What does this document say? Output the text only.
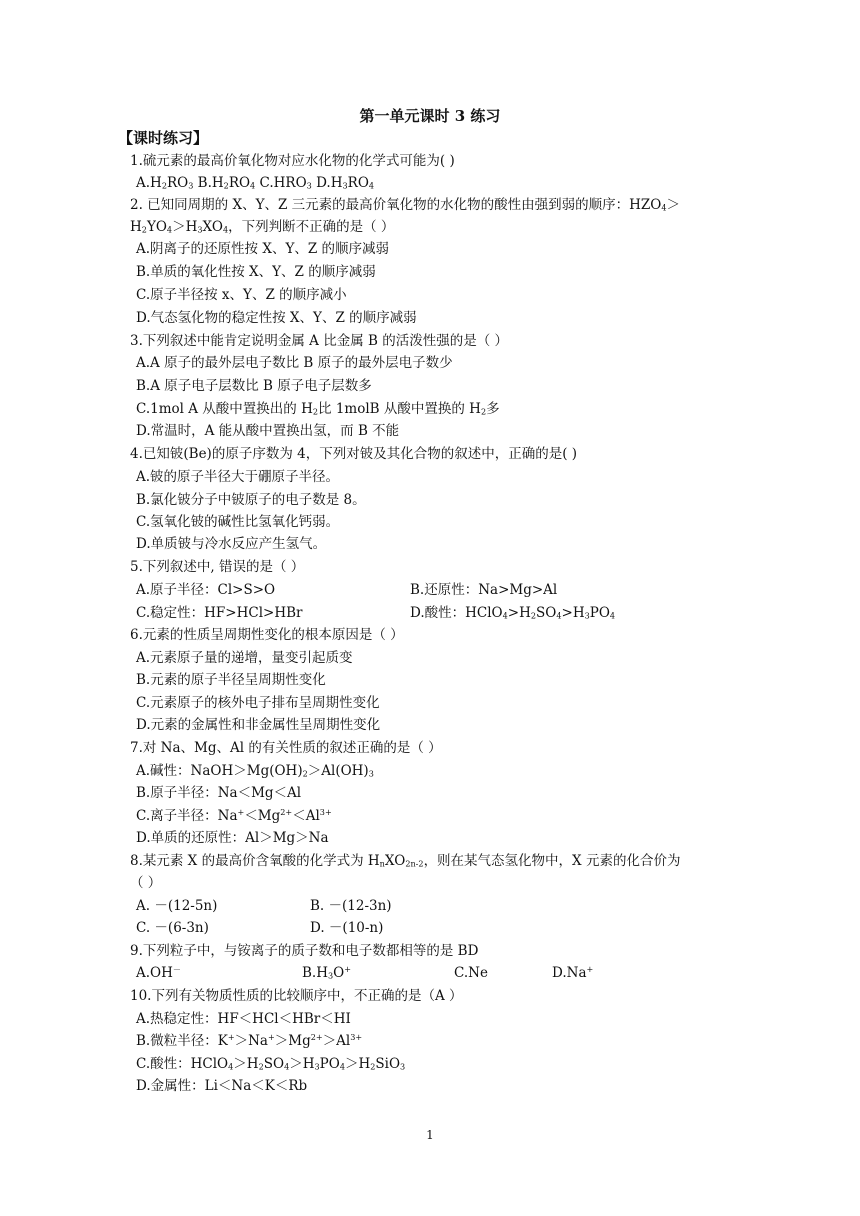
第一单元课时 3 练习
【课时练习】
1.硫元素的最高价氧化物对应水化物的化学式可能为( )
$A.H_2RO_3$ $B.H_2RO_4$ $C.HRO_3$ $D.H_3RO_4$
2. 已知同周期的 X、Y、Z 三元素的最高价氧化物的水化物的酸性由强到弱的顺序：$HZO_4>$
$H_2YO_4>H_3XO_4$，下列判断不正确的是（ ）
A.阴离子的还原性按 X、Y、Z 的顺序减弱
B.单质的氧化性按 X、Y、Z 的顺序减弱
C.原子半径按 x、Y、Z 的顺序减小
D.气态氢化物的稳定性按 X、Y、Z 的顺序减弱
3.下列叙述中能肯定说明金属 A 比金属 B 的活泼性强的是（ ）
A.A 原子的最外层电子数比 B 原子的最外层电子数少
B.A 原子电子层数比 B 原子电子层数多
C.1mol A 从酸中置换出的 $H_2$比 1molB 从酸中置换的 $H_2$多
D.常温时，A 能从酸中置换出氢，而 B 不能
4.已知铍(Be)的原子序数为 4，下列对铍及其化合物的叙述中，正确的是( )
A.铍的原子半径大于硼原子半径。
B.氯化铍分子中铍原子的电子数是 8。
C.氢氧化铍的碱性比氢氧化钙弱。
D.单质铍与冷水反应产生氢气。
5.下列叙述中, 错误的是（ ）
A.原子半径：Cl>S>O	B.还原性：Na>Mg>Al
C.稳定性：HF>HCl>HBr	D.酸性：$HClO_4>H_2SO_4>H_3PO_4$
6.元素的性质呈周期性变化的根本原因是（ ）
A.元素原子量的递增，量变引起质变
B.元素的原子半径呈周期性变化
C.元素原子的核外电子排布呈周期性变化
D.元素的金属性和非金属性呈周期性变化
7.对 Na、Mg、Al 的有关性质的叙述正确的是（ ）
A.碱性：$NaOH>Mg(OH)_2>Al(OH)_3$
B.原子半径：Na＜Mg＜Al
C.离子半径：$Na^+<Mg^{2+}<Al^{3+}$
D.单质的还原性：Al＞Mg＞Na
8.某元素 X 的最高价含氧酸的化学式为 $H_nXO_{2n-2}$，则在某气态氢化物中，X 元素的化合价为
（ ）
A. －(12-5n)	B. －(12-3n)
C. －(6-3n)	D. －(10-n)
9.下列粒子中，与铵离子的质子数和电子数都相等的是 BD
A.OH－	$B.H_3O^+$	C.Ne	D.Na+
10.下列有关物质性质的比较顺序中，不正确的是（A ）
A.热稳定性：HF＜HCl＜HBr＜HI
B.微粒半径：$K^+>Na^+>Mg^{2+}>Al^{3+}$
C.酸性：$HClO_4>H_2SO_4>H_3PO_4>H_2SiO_3$
D.金属性：Li＜Na＜K＜Rb
1
